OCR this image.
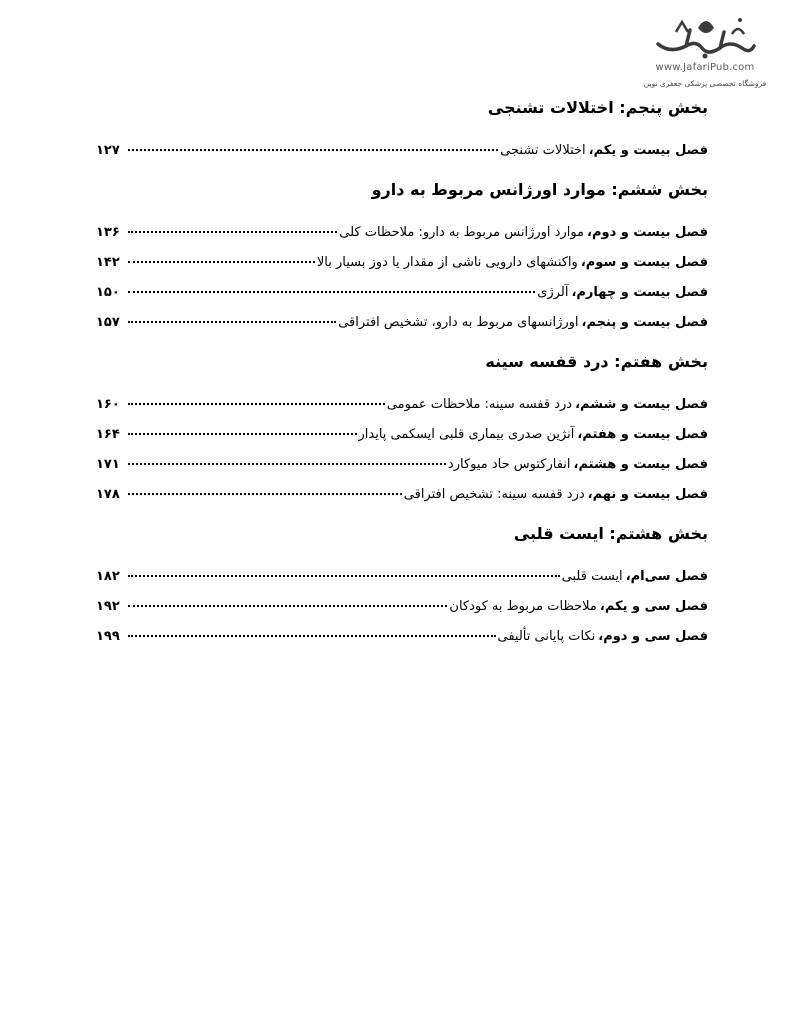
www.JafariPub.com
فروشگاه تخصصی پزشکی جعفری نوین
بخش پنجم: اختلالات تشنجی
فصل بیست و یکم،
اختلالات تشنجی
۱۲۷
بخش ششم: موارد اورژانس مربوط به دارو
فصل بیست و دوم،
موارد اورژانس مربوط به دارو: ملاحظات کلی
۱۳۶
فصل بیست و سوم،
واکنشهای دارویی ناشی از مقدار یا دوز بسیار بالا
۱۴۲
فصل بیست و چهارم،
آلرژی
۱۵۰
فصل بیست و پنجم،
اورژانسهای مربوط به دارو، تشخیص افتراقی
۱۵۷
بخش هفتم: درد قفسه سینه
فصل بیست و ششم،
درد قفسه سینه: ملاحظات عمومی
۱۶۰
فصل بیست و هفتم،
آنژین صدری بیماری قلبی ایسکمی پایدار
۱۶۴
فصل بیست و هشتم،
انفارکتوس حاد میوکارد
۱۷۱
فصل بیست و نهم،
درد قفسه سینه: تشخیص افتراقی
۱۷۸
بخش هشتم: ایست قلبی
فصل سی‌ام،
ایست قلبی
۱۸۲
فصل سی و یکم،
ملاحظات مربوط به کودکان
۱۹۲
فصل سی و دوم،
نکات پایانی تألیفی
۱۹۹
